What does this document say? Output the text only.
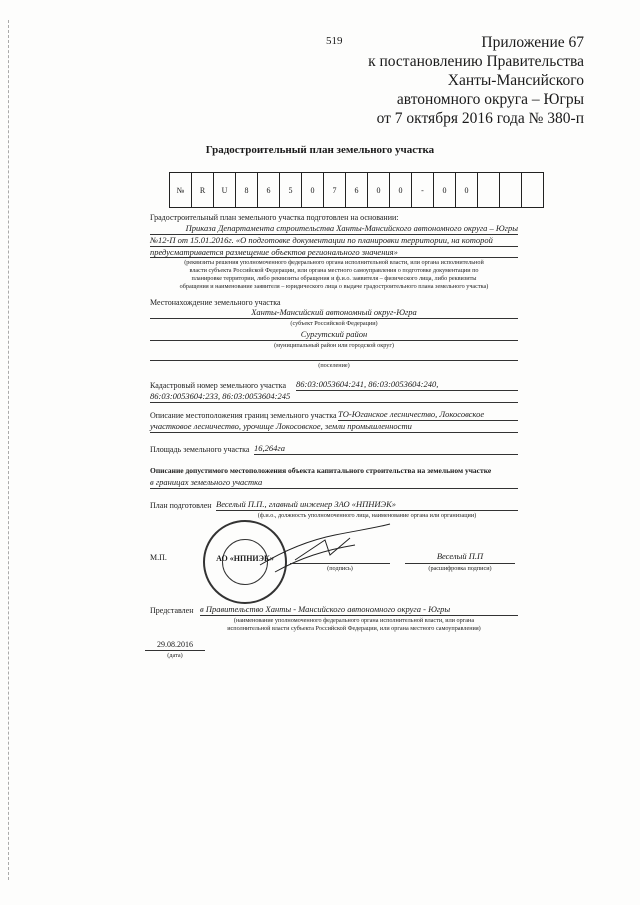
519	Приложение 67
к постановлению Правительства
Ханты-Мансийского
автономного округа – Югры
от 7 октября 2016 года № 380-п
Градостроительный план земельного участка
№	R	U	8	6	5	0	7	6	0	0	-	0	0
Градостроительный план земельного участка подготовлен на основании:
Приказа Департамента строительства Ханты-Мансийского автономного округа – Югры
№12-П от 15.01.2016г. «О подготовке документации по планировки территории, на которой
предусматривается размещение объектов регионального значения»
(реквизиты решения уполномоченного федерального органа исполнительной власти, или органа исполнительной
власти субъекта Российской Федерации, или органа местного самоуправления о подготовке документации по
планировке территории, либо реквизиты обращения и ф.и.о. заявителя – физического лица, либо реквизиты
обращения и наименование заявителя – юридического лица о выдаче градостроительного плана земельного участка)
Местонахождение земельного участка
Ханты-Мансийский автономный округ-Югра
(субъект Российской Федерации)
Сургутский район
(муниципальный район или городской округ)
(поселение)
Кадастровый номер земельного участка 86:03:0053604:241, 86:03:0053604:240,
86:03:0053604:233, 86:03:0053604:245
Описание местоположения границ земельного участка ТО-Юганское лесничество, Локосовское
участковое лесничество, урочище Локосовское, земли промышленности
Площадь земельного участка 16,264га
Описание допустимого местоположения объекта капитального строительства на земельном участке
в границах земельного участка
План подготовлен Веселый П.П., главный инженер ЗАО «НПНИЭК»
(ф.и.о., должность уполномоченного лица, наименование органа или организации)
М.П.	АО «НПНИЭК»
(подпись)
Веселый П.П
(расшифровка подписи)
Представлен в Правительство Ханты - Мансийского автономного округа - Югры
(наименование уполномоченного федерального органа исполнительной власти, или органа
исполнительной власти субъекта Российской Федерации, или органа местного самоуправления)
29.08.2016
(дата)
